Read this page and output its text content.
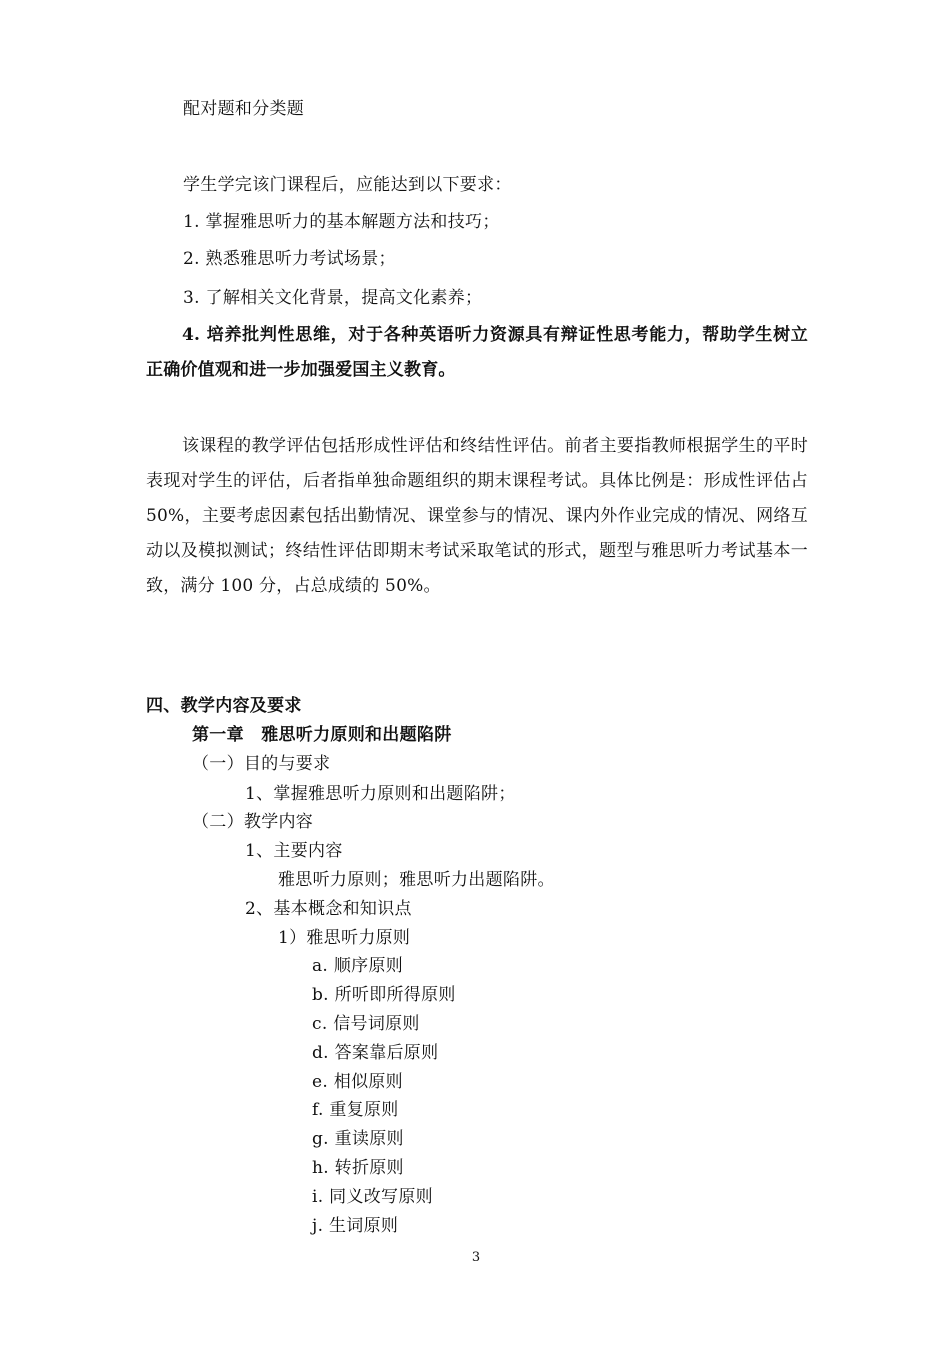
配对题和分类题
学生学完该门课程后，应能达到以下要求：
1. 掌握雅思听力的基本解题方法和技巧；
2. 熟悉雅思听力考试场景；
3. 了解相关文化背景，提高文化素养；
4. 培养批判性思维，对于各种英语听力资源具有辩证性思考能力，帮助学生树立正确价值观和进一步加强爱国主义教育。
该课程的教学评估包括形成性评估和终结性评估。前者主要指教师根据学生的平时表现对学生的评估，后者指单独命题组织的期末课程考试。具体比例是：形成性评估占 50%，主要考虑因素包括出勤情况、课堂参与的情况、课内外作业完成的情况、网络互动以及模拟测试；终结性评估即期末考试采取笔试的形式，题型与雅思听力考试基本一致，满分 100 分，占总成绩的 50%。
四、教学内容及要求
第一章　雅思听力原则和出题陷阱
（一）目的与要求
1、掌握雅思听力原则和出题陷阱；
（二）教学内容
1、主要内容
雅思听力原则；雅思听力出题陷阱。
2、基本概念和知识点
1）雅思听力原则
a. 顺序原则
b. 所听即所得原则
c. 信号词原则
d. 答案靠后原则
e. 相似原则
f. 重复原则
g. 重读原则
h. 转折原则
i. 同义改写原则
j. 生词原则
3
